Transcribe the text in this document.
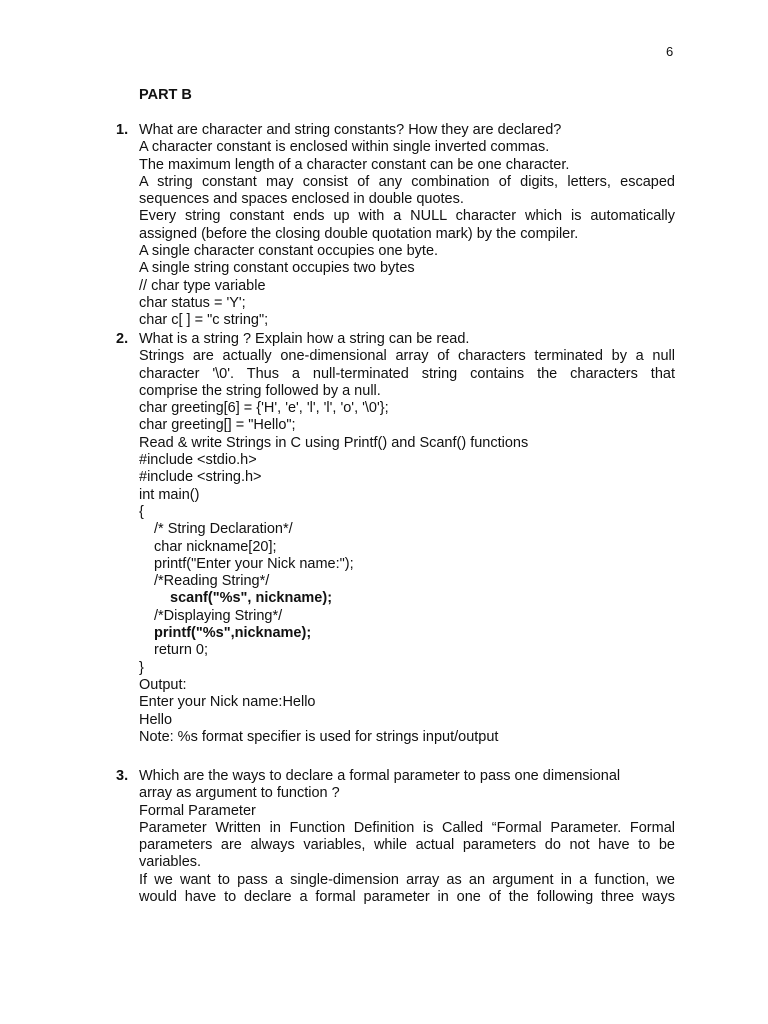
6
PART B
1. What are character and string constants? How they are declared?
A character constant is enclosed within single inverted commas.
The maximum length of a character constant can be one character.
A string constant may consist of any combination of digits, letters, escaped
sequences and spaces enclosed in double quotes.
Every string constant ends up with a NULL character which is automatically
assigned (before the closing double quotation mark) by the compiler.
A single character constant occupies one byte.
A single string constant occupies two bytes
// char type variable
char status = 'Y';
char c[ ] = "c string";
2. What is a string ? Explain how a string can be read.
Strings are actually one-dimensional array of characters terminated by a null
character '\0'. Thus a null-terminated string contains the characters that
comprise the string followed by a null.
char greeting[6] = {'H', 'e', 'l', 'l', 'o', '\0'};
char greeting[] = "Hello";
Read & write Strings in C using Printf() and Scanf() functions
#include <stdio.h>
#include <string.h>
int main()
{
/* String Declaration*/
char nickname[20];
printf("Enter your Nick name:");
/*Reading String*/
scanf("%s", nickname);
/*Displaying String*/
printf("%s",nickname);
return 0;
}
Output:
Enter your Nick name:Hello
Hello
Note: %s format specifier is used for strings input/output
3. Which are the ways to declare a formal parameter to pass one dimensional
array as argument to function ?
Formal Parameter
Parameter Written in Function Definition is Called “Formal Parameter. Formal
parameters are always variables, while actual parameters do not have to be
variables.
If we want to pass a single-dimension array as an argument in a function, we
would have to declare a formal parameter in one of the following three ways
